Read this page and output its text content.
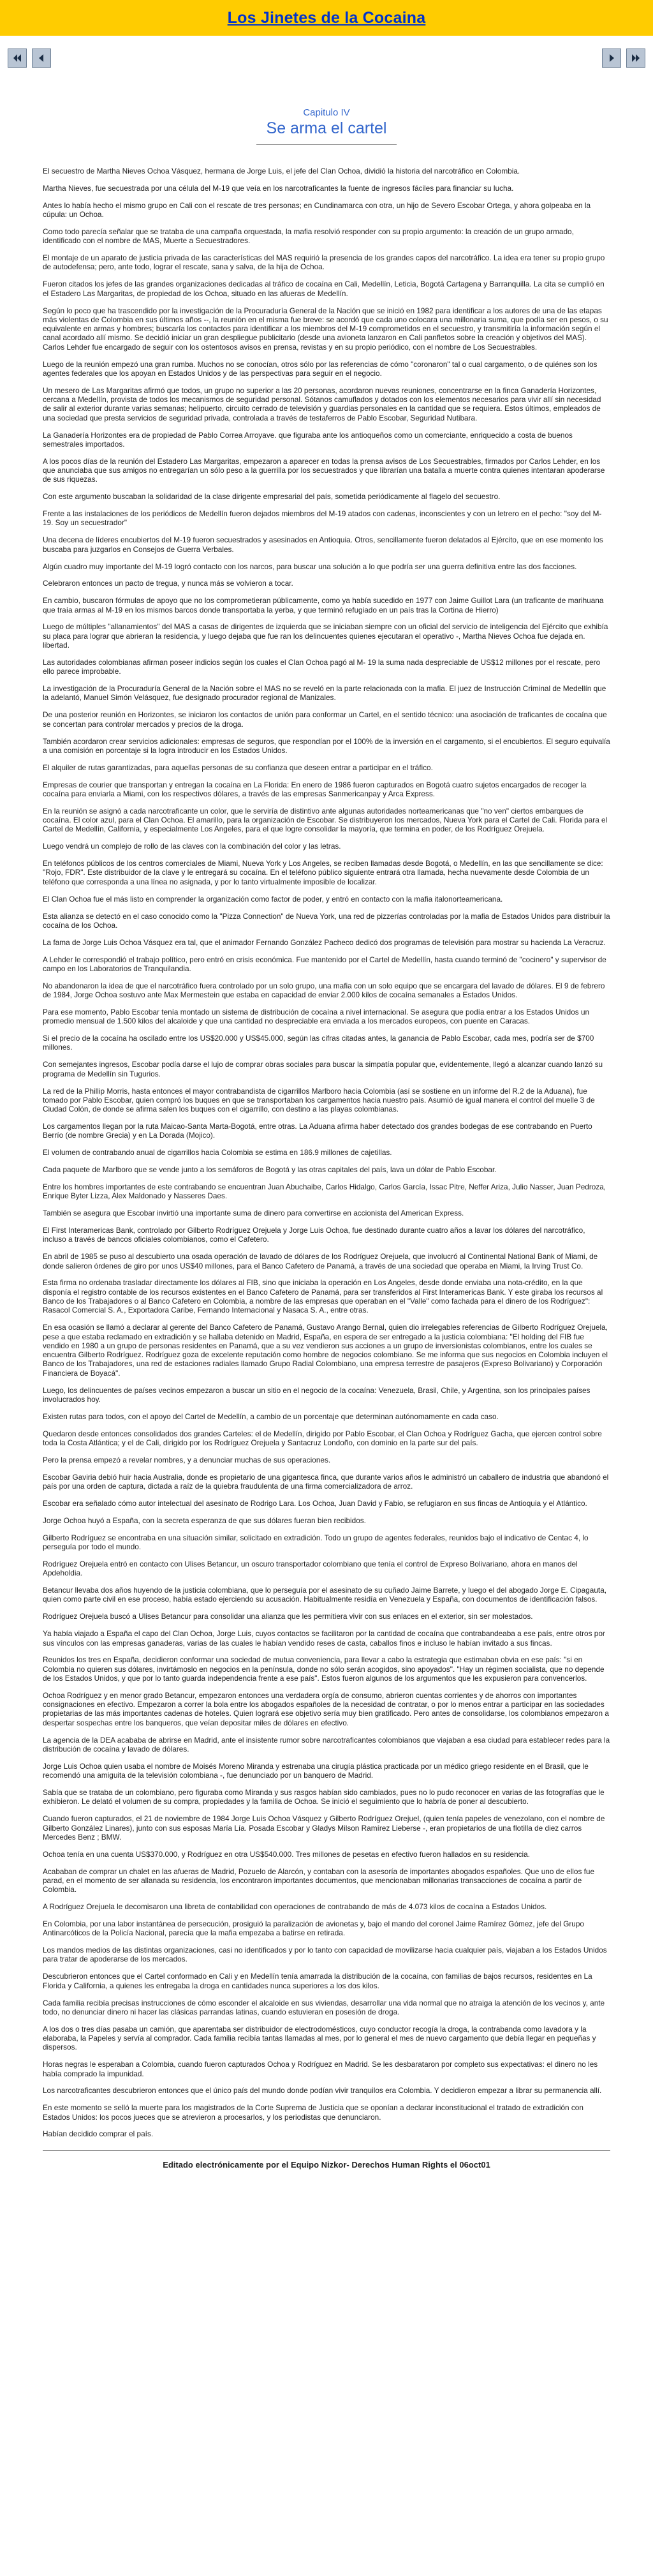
Los Jinetes de la Cocaina

Capitulo IV

Se arma el cartel

El secuestro de Martha Nieves Ochoa Vásquez, hermana de Jorge Luis, el jefe del Clan Ochoa, dividió la historia del narcotráfico en Colombia.

Martha Nieves, fue secuestrada por una célula del M-19 que veía en los narcotraficantes la fuente de ingresos fáciles para financiar su lucha.

Antes lo había hecho el mismo grupo en Cali con el rescate de tres personas; en Cundinamarca con otra, un hijo de Severo Escobar Ortega, y ahora golpeaba en la cúpula: un Ochoa.

Como todo parecía señalar que se trataba de una campaña orquestada, la mafia resolvió responder con su propio argumento: la creación de un grupo armado, identificado con el nombre de MAS, Muerte a Secuestradores.

El montaje de un aparato de justicia privada de las características del MAS requirió la presencia de los grandes capos del narcotráfico. La idea era tener su propio grupo de autodefensa; pero, ante todo, lograr el rescate, sana y salva, de la hija de Ochoa.

Fueron citados los jefes de las grandes organizaciones dedicadas al tráfico de cocaína en Cali, Medellín, Leticia, Bogotá Cartagena y Barranquilla. La cita se cumplió en el Estadero Las Margaritas, de propiedad de los Ochoa, situado en las afueras de Medellín.

Según lo poco que ha trascendido por la investigación de la Procuraduría General de la Nación que se inició en 1982 para identificar a los autores de una de las etapas más violentas de Colombia en sus últimos años --, la reunión en el misma fue breve: se acordó que cada uno colocara una millonaria suma, que podía ser en pesos, o su equivalente en armas y hombres; buscaría los contactos para identificar a los miembros del M-19 comprometidos en el secuestro, y transmitiría la información según el canal acordado allí mismo. Se decidió iniciar un gran despliegue publicitario (desde una avioneta lanzaron en Cali panfletos sobre la creación y objetivos del MAS). Carlos Lehder fue encargado de seguir con los ostentosos avisos en prensa, revistas y en su propio periódico, con el nombre de Los Secuestrables.

Luego de la reunión empezó una gran rumba. Muchos no se conocían, otros sólo por las referencias de cómo "coronaron" tal o cual cargamento, o de quiénes son los agentes federales que los apoyan en Estados Unidos y de las perspectivas para seguir en el negocio.

Un mesero de Las Margaritas afirmó que todos, un grupo no superior a las 20 personas, acordaron nuevas reuniones, concentrarse en la finca Ganadería Horizontes, cercana a Medellín, provista de todos los mecanismos de seguridad personal. Sótanos camuflados y dotados con los elementos necesarios para vivir allí sin necesidad de salir al exterior durante varias semanas; helipuerto, circuito cerrado de televisión y guardias personales en la cantidad que se requiera. Estos últimos, empleados de una sociedad que presta servicios de seguridad privada, controlada a través de testaferros de Pablo Escobar, Seguridad Nutibara.

La Ganadería Horizontes era de propiedad de Pablo Correa Arroyave. que figuraba ante los antioqueños como un comerciante, enriquecido a costa de buenos semestrales importados.

A los pocos días de la reunión del Estadero Las Margaritas, empezaron a aparecer en todas la prensa avisos de Los Secuestrables, firmados por Carlos Lehder, en los que anunciaba que sus amigos no entregarían un sólo peso a la guerrilla por los secuestrados y que librarían una batalla a muerte contra quienes intentaran apoderarse de sus riquezas.

Con este argumento buscaban la solidaridad de la clase dirigente empresarial del país, sometida periódicamente al flagelo del secuestro.

Frente a las instalaciones de los periódicos de Medellín fueron dejados miembros del M-19 atados con cadenas, inconscientes y con un letrero en el pecho: "soy del M-19. Soy un secuestrador"

Una decena de líderes encubiertos del M-19 fueron secuestrados y asesinados en Antioquia. Otros, sencillamente fueron delatados al Ejército, que en ese momento los buscaba para juzgarlos en Consejos de Guerra Verbales.

Algún cuadro muy importante del M-19 logró contacto con los narcos, para buscar una solución a lo que podría ser una guerra definitiva entre las dos facciones.

Celebraron entonces un pacto de tregua, y nunca más se volvieron a tocar.

En cambio, buscaron fórmulas de apoyo que no los comprometieran públicamente, como ya había sucedido en 1977 con Jaime Guillot Lara (un traficante de marihuana que traía armas al M-19 en los mismos barcos donde transportaba la yerba, y que terminó refugiado en un país tras la Cortina de Hierro)

Luego de múltiples "allanamientos" del MAS a casas de dirigentes de izquierda que se iniciaban siempre con un oficial del servicio de inteligencia del Ejército que exhibía su placa para lograr que abrieran la residencia, y luego dejaba que fue ran los delincuentes quienes ejecutaran el operativo -, Martha Nieves Ochoa fue dejada en. libertad.

Las autoridades colombianas afirman poseer indicios según los cuales el Clan Ochoa pagó al M- 19 la suma nada despreciable de US$12 millones por el rescate, pero ello parece improbable.

La investigación de la Procuraduría General de la Nación sobre el MAS no se reveló en la parte relacionada con la mafia. El juez de Instrucción Criminal de Medellín que la adelantó, Manuel Simón Velásquez, fue designado procurador regional de Manizales.

De una posterior reunión en Horizontes, se iniciaron los contactos de unión para conformar un Cartel, en el sentido técnico: una asociación de traficantes de cocaína que se concertan para controlar mercados y precios de la droga.

También acordaron crear servicios adicionales: empresas de seguros, que respondían por el 100% de la inversión en el cargamento, si el encubiertos. El seguro equivalía a una comisión en porcentaje si la logra introducir en los Estados Unidos.

El alquiler de rutas garantizadas, para aquellas personas de su confianza que deseen entrar a participar en el tráfico.

Empresas de courier que transportan y entregan la cocaína en La Florida: En enero de 1986 fueron capturados en Bogotá cuatro sujetos encargados de recoger la cocaína para enviarla a Miami, con los respectivos dólares, a través de las empresas Sanmericanpay y Arca Express.

En la reunión se asignó a cada narcotraficante un color, que le serviría de distintivo ante algunas autoridades norteamericanas que "no ven" ciertos embarques de cocaína. El color azul, para el Clan Ochoa. El amarillo, para la organización de Escobar. Se distribuyeron los mercados, Nueva York para el Cartel de Cali. Florida para el Cartel de Medellín, California, y especialmente Los Angeles, para el que logre consolidar la mayoría, que termina en poder, de los Rodríguez Orejuela.

Luego vendrá un complejo de rollo de las claves con la combinación del color y las letras.

En teléfonos públicos de los centros comerciales de Miami, Nueva York y Los Angeles, se reciben llamadas desde Bogotá, o Medellín, en las que sencillamente se dice: "Rojo, FDR". Este distribuidor de la clave y le entregará su cocaína. En el teléfono público siguiente entrará otra llamada, hecha nuevamente desde Colombia de un teléfono que corresponda a una línea no asignada, y por lo tanto virtualmente imposible de localizar.

El Clan Ochoa fue el más listo en comprender la organización como factor de poder, y entró en contacto con la mafia italonorteamericana.

Esta alianza se detectó en el caso conocido como la "Pizza Connection" de Nueva York, una red de pizzerías controladas por la mafia de Estados Unidos para distribuir la cocaína de los Ochoa.

La fama de Jorge Luis Ochoa Vásquez era tal, que el animador Fernando González Pacheco dedicó dos programas de televisión para mostrar su hacienda La Veracruz.

A Lehder le correspondió el trabajo político, pero entró en crisis económica. Fue mantenido por el Cartel de Medellín, hasta cuando terminó de "cocinero" y supervisor de campo en los Laboratorios de Tranquilandia.

No abandonaron la idea de que el narcotráfico fuera controlado por un solo grupo, una mafia con un solo equipo que se encargara del lavado de dólares. El 9 de febrero de 1984, Jorge Ochoa sostuvo ante Max Mermestein que estaba en capacidad de enviar 2.000 kilos de cocaína semanales a Estados Unidos.

Para ese momento, Pablo Escobar tenía montado un sistema de distribución de cocaína a nivel internacional. Se asegura que podía entrar a los Estados Unidos un promedio mensual de 1.500 kilos del alcaloide y que una cantidad no despreciable era enviada a los mercados europeos, con puente en Caracas.

Si el precio de la cocaína ha oscilado entre los US$20.000 y US$45.000, según las cifras citadas antes, la ganancia de Pablo Escobar, cada mes, podría ser de $700 millones.

Con semejantes ingresos, Escobar podía darse el lujo de comprar obras sociales para buscar la simpatía popular que, evidentemente, llegó a alcanzar cuando lanzó su programa de Medellín sin Tugurios.

La red de la Phillip Morris, hasta entonces el mayor contrabandista de cigarrillos Marlboro hacia Colombia (así se sostiene en un informe del R.2 de la Aduana), fue tomado por Pablo Escobar, quien compró los buques en que se transportaban los cargamentos hacia nuestro país. Asumió de igual manera el control del muelle 3 de Ciudad Colón, de donde se afirma salen los buques con el cigarrillo, con destino a las playas colombianas.

Los cargamentos llegan por la ruta Maicao-Santa Marta-Bogotá, entre otras. La Aduana afirma haber detectado dos grandes bodegas de ese contrabando en Puerto Berrío (de nombre Grecia) y en La Dorada (Mojico).

El volumen de contrabando anual de cigarrillos hacia Colombia se estima en 186.9 millones de cajetillas.

Cada paquete de Marlboro que se vende junto a los semáforos de Bogotá y las otras capitales del país, lava un dólar de Pablo Escobar.

Entre los hombres importantes de este contrabando se encuentran Juan Abuchaibe, Carlos Hidalgo, Carlos García, Issac Pitre, Neffer Ariza, Julio Nasser, Juan Pedroza, Enrique Byter Lizza, Alex Maldonado y Nasseres Daes.

También se asegura que Escobar invirtió una importante suma de dinero para convertirse en accionista del American Express.

El First Interamericas Bank, controlado por Gilberto Rodríguez Orejuela y Jorge Luis Ochoa, fue destinado durante cuatro años a lavar los dólares del narcotráfico, incluso a través de bancos oficiales colombianos, como el Cafetero.

En abril de 1985 se puso al descubierto una osada operación de lavado de dólares de los Rodríguez Orejuela, que involucró al Continental National Bank of Miami, de donde salieron órdenes de giro por unos US$40 millones, para el Banco Cafetero de Panamá, a través de una sociedad que operaba en Miami, la Irving Trust Co.

Esta firma no ordenaba trasladar directamente los dólares al FIB, sino que iniciaba la operación en Los Angeles, desde donde enviaba una nota-crédito, en la que disponía el registro contable de los recursos existentes en el Banco Cafetero de Panamá, para ser transferidos al First Interamericas Bank. Y este giraba los recursos al Banco de los Trabajadores o al Banco Cafetero en Colombia, a nombre de las empresas que operaban en el "Valle" como fachada para el dinero de los Rodríguez": Rasacol Comercial S. A., Exportadora Caribe, Fernando Internacional y Nasaca S. A., entre otras.

En esa ocasión se llamó a declarar al gerente del Banco Cafetero de Panamá, Gustavo Arango Bernal, quien dio irrelegables referencias de Gilberto Rodríguez Orejuela, pese a que estaba reclamado en extradición y se hallaba detenido en Madrid, España, en espera de ser entregado a la justicia colombiana: "El holding del FIB fue vendido en 1980 a un grupo de personas residentes en Panamá, que a su vez vendieron sus acciones a un grupo de inversionistas colombianos, entre los cuales se encuentra Gilberto Rodríguez. Rodríguez goza de excelente reputación como hombre de negocios colombiano. Se me informa que sus negocios en Colombia incluyen el Banco de los Trabajadores, una red de estaciones radiales llamado Grupo Radial Colombiano, una empresa terrestre de pasajeros (Expreso Bolivariano) y Corporación Financiera de Boyacá".

Luego, los delincuentes de países vecinos empezaron a buscar un sitio en el negocio de la cocaína: Venezuela, Brasil, Chile, y Argentina, son los principales países involucrados hoy.

Existen rutas para todos, con el apoyo del Cartel de Medellín, a cambio de un porcentaje que determinan autónomamente en cada caso.

Quedaron desde entonces consolidados dos grandes Carteles: el de Medellín, dirigido por Pablo Escobar, el Clan Ochoa y Rodríguez Gacha, que ejercen control sobre toda la Costa Atlántica; y el de Cali, dirigido por los Rodríguez Orejuela y Santacruz Londoño, con dominio en la parte sur del país.

Pero la prensa empezó a revelar nombres, y a denunciar muchas de sus operaciones.

Escobar Gaviria debió huir hacia Australia, donde es propietario de una gigantesca finca, que durante varios años le administró un caballero de industria que abandonó el país por una orden de captura, dictada a raíz de la quiebra fraudulenta de una firma comercializadora de arroz.

Escobar era señalado cómo autor intelectual del asesinato de Rodrigo Lara. Los Ochoa, Juan David y Fabio, se refugiaron en sus fincas de Antioquia y el Atlántico.

Jorge Ochoa huyó a España, con la secreta esperanza de que sus dólares fueran bien recibidos.

Gilberto Rodríguez se encontraba en una situación similar, solicitado en extradición. Todo un grupo de agentes federales, reunidos bajo el indicativo de Centac 4, lo perseguía por todo el mundo.

Rodríguez Orejuela entró en contacto con Ulises Betancur, un oscuro transportador colombiano que tenía el control de Expreso Bolivariano, ahora en manos del Apdeholdia.

Betancur llevaba dos años huyendo de la justicia colombiana, que lo perseguía por el asesinato de su cuñado Jaime Barrete, y luego el del abogado Jorge E. Cipagauta, quien como parte civil en ese proceso, había estado ejerciendo su acusación. Habitualmente residía en Venezuela y España, con documentos de identificación falsos.

Rodríguez Orejuela buscó a Ulises Betancur para consolidar una alianza que les permitiera vivir con sus enlaces en el exterior, sin ser molestados.

Ya había viajado a España el capo del Clan Ochoa, Jorge Luis, cuyos contactos se facilitaron por la cantidad de cocaína que contrabandeaba a ese país, entre otros por sus vínculos con las empresas ganaderas, varias de las cuales le habían vendido reses de casta, caballos finos e incluso le habían invitado a sus fincas.

Reunidos los tres en España, decidieron conformar una sociedad de mutua conveniencia, para llevar a cabo la estrategia que estimaban obvia en ese país: "si en Colombia no quieren sus dólares, invirtámoslo en negocios en la península, donde no sólo serán acogidos, sino apoyados". "Hay un régimen socialista, que no depende de los Estados Unidos, y que por lo tanto guarda independencia frente a ese país". Estos fueron algunos de los argumentos que les expusieron para convencerlos.

Ochoa Rodríguez y en menor grado Betancur, empezaron entonces una verdadera orgía de consumo, abrieron cuentas corrientes y de ahorros con importantes consignaciones en efectivo. Empezaron a correr la bola entre los abogados españoles de la necesidad de contratar, o por lo menos entrar a participar en las sociedades propietarias de las más importantes cadenas de hoteles. Quien logrará ese objetivo sería muy bien gratificado. Pero antes de consolidarse, los colombianos empezaron a despertar sospechas entre los banqueros, que veían depositar miles de dólares en efectivo.

La agencia de la DEA acababa de abrirse en Madrid, ante el insistente rumor sobre narcotraficantes colombianos que viajaban a esa ciudad para establecer redes para la distribución de cocaína y lavado de dólares.

Jorge Luis Ochoa quien usaba el nombre de Moisés Moreno Miranda y estrenaba una cirugía plástica practicada por un médico griego residente en el Brasil, que le recomendó una amiguita de la televisión colombiana -, fue denunciado por un banquero de Madrid.

Sabía que se trataba de un colombiano, pero figuraba como Miranda y sus rasgos habían sido cambiados, pues no lo pudo reconocer en varias de las fotografías que le exhibieron. Le delató el volumen de su compra, propiedades y la familia de Ochoa. Se inició el seguimiento que lo habría de poner al descubierto.

Cuando fueron capturados, el 21 de noviembre de 1984 Jorge Luis Ochoa Vásquez y Gilberto Rodríguez Orejuel, (quien tenía papeles de venezolano, con el nombre de Gilberto González Linares), junto con sus esposas María Lía. Posada Escobar y Gladys Milson Ramírez Lieberse -, eran propietarios de una flotilla de diez carros Mercedes Benz ; BMW.

Ochoa tenía en una cuenta US$370.000, y Rodríguez en otra US$540.000. Tres millones de pesetas en efectivo fueron hallados en su residencia.

Acababan de comprar un chalet en las afueras de Madrid, Pozuelo de Alarcón, y contaban con la asesoría de importantes abogados españoles. Que uno de ellos fue parad, en el momento de ser allanada su residencia, los encontraron importantes documentos, que mencionaban millonarias transacciones de cocaína a partir de Colombia.

A Rodríguez Orejuela le decomisaron una libreta de contabilidad con operaciones de contrabando de más de 4.073 kilos de cocaína a Estados Unidos.

En Colombia, por una labor instantánea de persecución, prosiguió la paralización de avionetas y, bajo el mando del coronel Jaime Ramírez Gómez, jefe del Grupo Antinarcóticos de la Policía Nacional, parecía que la mafia empezaba a batirse en retirada.

Los mandos medios de las distintas organizaciones, casi no identificados y por lo tanto con capacidad de movilizarse hacia cualquier país, viajaban a los Estados Unidos para tratar de apoderarse de los mercados.

Descubrieron entonces que el Cartel conformado en Cali y en Medellín tenía amarrada la distribución de la cocaína, con familias de bajos recursos, residentes en La Florida y California, a quienes les entregaba la droga en cantidades nunca superiores a los dos kilos.

Cada familia recibía precisas instrucciones de cómo esconder el alcaloide en sus viviendas, desarrollar una vida normal que no atraiga la atención de los vecinos y, ante todo, no denunciar dinero ni hacer las clásicas parrandas latinas, cuando estuvieran en posesión de droga.

A los dos o tres días pasaba un camión, que aparentaba ser distribuidor de electrodomésticos, cuyo conductor recogía la droga, la contrabanda como lavadora y la elaboraba, la Papeles y servía al comprador. Cada familia recibía tantas llamadas al mes, por lo general el mes de nuevo cargamento que debía llegar en pequeñas y dispersos.

Horas negras le esperaban a Colombia, cuando fueron capturados Ochoa y Rodríguez en Madrid. Se les desbarataron por completo sus expectativas: el dinero no les había comprado la impunidad.

Los narcotraficantes descubrieron entonces que el único país del mundo donde podían vivir tranquilos era Colombia. Y decidieron empezar a librar su permanencia allí.

En este momento se selló la muerte para los magistrados de la Corte Suprema de Justicia que se oponían a declarar inconstitucional el tratado de extradición con Estados Unidos: los pocos jueces que se atrevieron a procesarlos, y los periodistas que denunciaron.

Habían decidido comprar el país.

Editado electrónicamente por el Equipo Nizkor- Derechos Human Rights el 06oct01
